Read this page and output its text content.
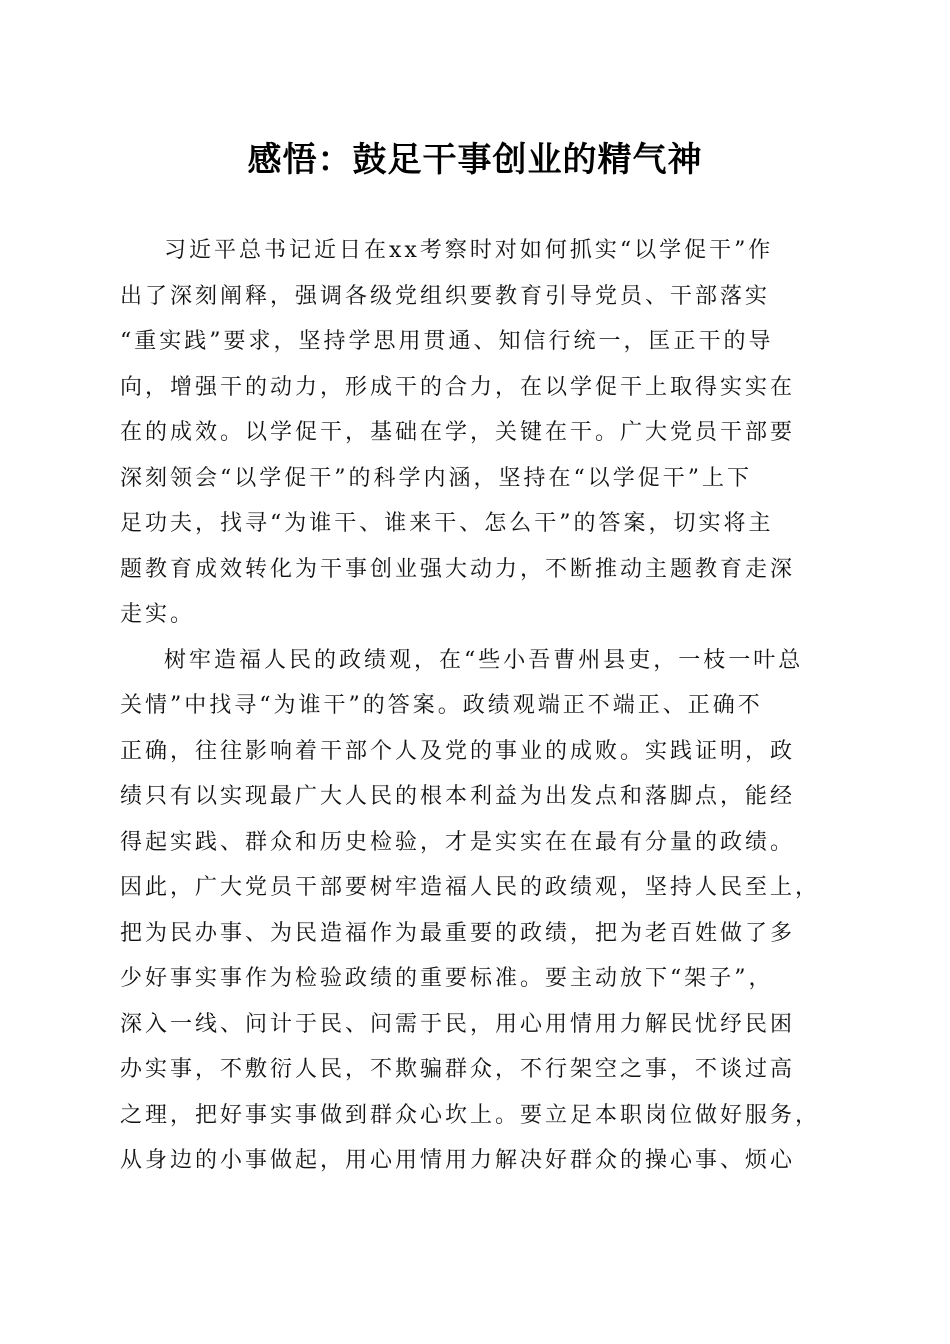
感悟：鼓足干事创业的精气神
习近平总书记近日在xx考察时对如何抓实“以学促干”作
出了深刻阐释，强调各级党组织要教育引导党员、干部落实
“重实践”要求，坚持学思用贯通、知信行统一，匡正干的导
向，增强干的动力，形成干的合力，在以学促干上取得实实在
在的成效。以学促干，基础在学，关键在干。广大党员干部要
深刻领会“以学促干”的科学内涵，坚持在“以学促干”上下
足功夫，找寻“为谁干、谁来干、怎么干”的答案，切实将主
题教育成效转化为干事创业强大动力，不断推动主题教育走深
走实。
树牢造福人民的政绩观，在“些小吾曹州县吏，一枝一叶总
关情”中找寻“为谁干”的答案。政绩观端正不端正、正确不
正确，往往影响着干部个人及党的事业的成败。实践证明，政
绩只有以实现最广大人民的根本利益为出发点和落脚点，能经
得起实践、群众和历史检验，才是实实在在最有分量的政绩。
因此，广大党员干部要树牢造福人民的政绩观，坚持人民至上，
把为民办事、为民造福作为最重要的政绩，把为老百姓做了多
少好事实事作为检验政绩的重要标准。要主动放下“架子”，
深入一线、问计于民、问需于民，用心用情用力解民忧纾民困
办实事，不敷衍人民，不欺骗群众，不行架空之事，不谈过高
之理，把好事实事做到群众心坎上。要立足本职岗位做好服务，
从身边的小事做起，用心用情用力解决好群众的操心事、烦心
